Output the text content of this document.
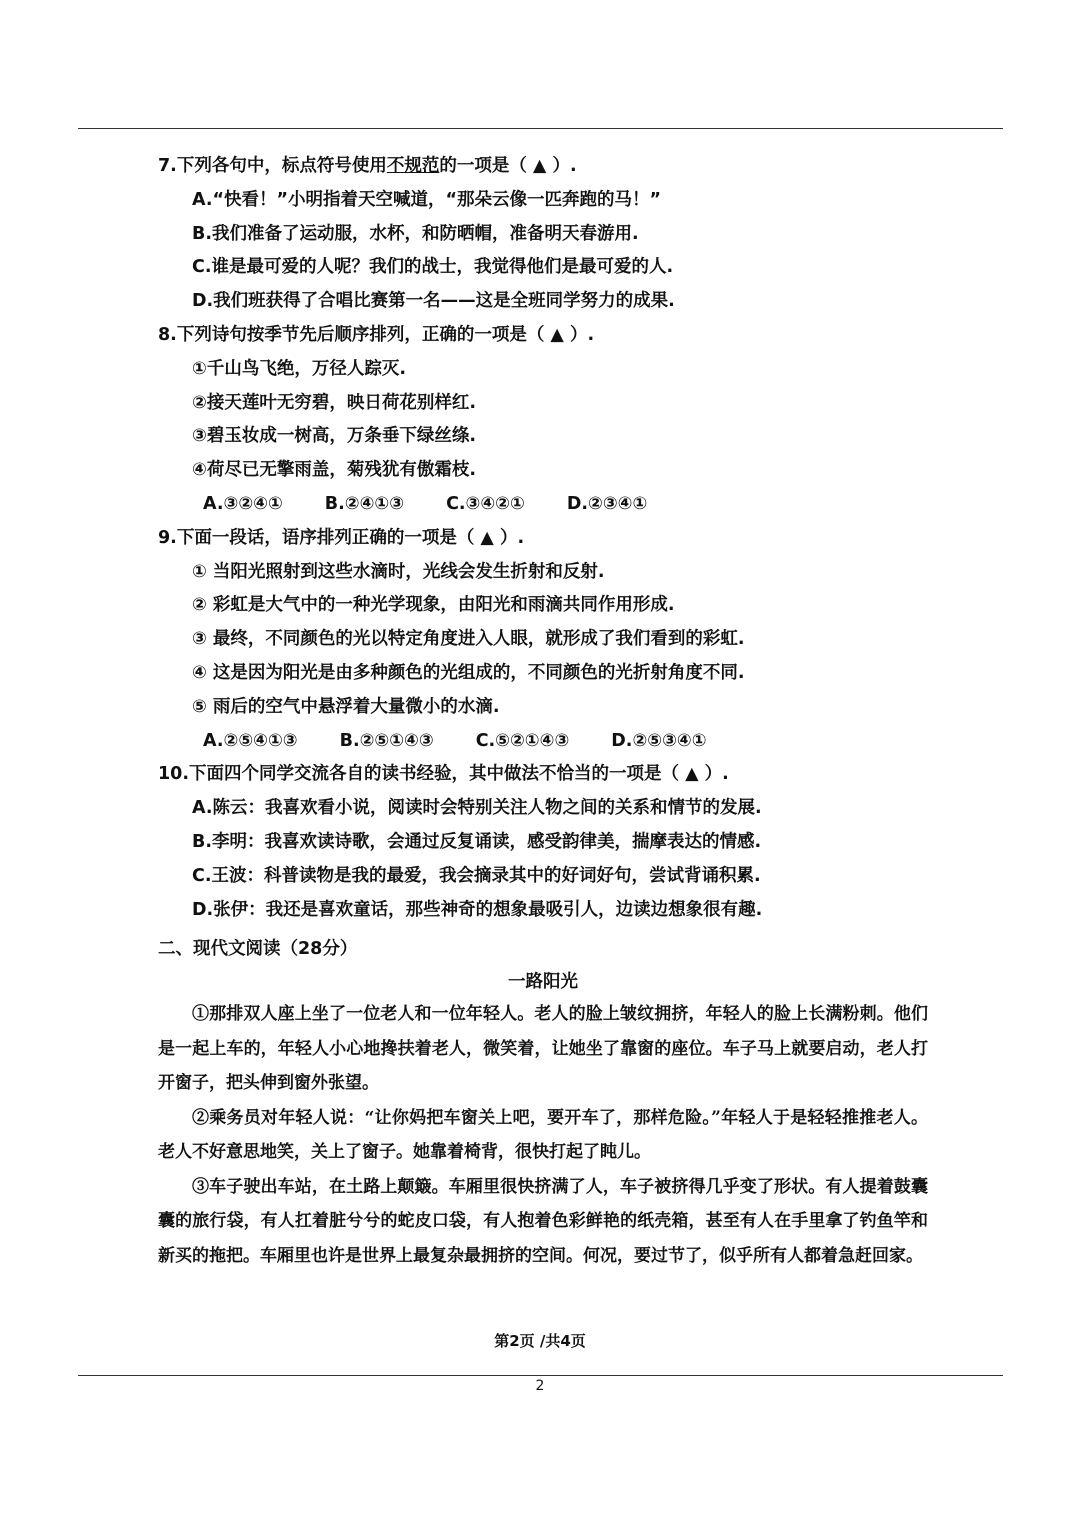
7.下列各句中，标点符号使用不规范的一项是（ ▲ ）.
A.“快看！”小明指着天空喊道，“那朵云像一匹奔跑的马！”
B.我们准备了运动服，水杯，和防晒帽，准备明天春游用.
C.谁是最可爱的人呢？我们的战士，我觉得他们是最可爱的人.
D.我们班获得了合唱比赛第一名——这是全班同学努力的成果.
8.下列诗句按季节先后顺序排列，正确的一项是（ ▲ ）.
①千山鸟飞绝，万径人踪灭.
②接天莲叶无穷碧，映日荷花别样红.
③碧玉妆成一树高，万条垂下绿丝绦.
④荷尽已无擎雨盖，菊残犹有傲霜枝.
A.③②④① B.②④①③ C.③④②① D.②③④①
9.下面一段话，语序排列正确的一项是（ ▲ ）.
① 当阳光照射到这些水滴时，光线会发生折射和反射.
② 彩虹是大气中的一种光学现象，由阳光和雨滴共同作用形成.
③ 最终，不同颜色的光以特定角度进入人眼，就形成了我们看到的彩虹.
④ 这是因为阳光是由多种颜色的光组成的，不同颜色的光折射角度不同.
⑤ 雨后的空气中悬浮着大量微小的水滴.
A.②⑤④①③ B.②⑤①④③ C.⑤②①④③ D.②⑤③④①
10.下面四个同学交流各自的读书经验，其中做法不恰当的一项是（ ▲ ）.
A.陈云：我喜欢看小说，阅读时会特别关注人物之间的关系和情节的发展.
B.李明：我喜欢读诗歌，会通过反复诵读，感受韵律美，揣摩表达的情感.
C.王波：科普读物是我的最爱，我会摘录其中的好词好句，尝试背诵积累.
D.张伊：我还是喜欢童话，那些神奇的想象最吸引人，边读边想象很有趣.
二、现代文阅读（28分）
一路阳光

①那排双人座上坐了一位老人和一位年轻人。老人的脸上皱纹拥挤，年轻人的脸上长满粉刺。他们是一起上车的，年轻人小心地搀扶着老人，微笑着，让她坐了靠窗的座位。车子马上就要启动，老人打开窗子，把头伸到窗外张望。

②乘务员对年轻人说：“让你妈把车窗关上吧，要开车了，那样危险。”年轻人于是轻轻推推老人。老人不好意思地笑，关上了窗子。她靠着椅背，很快打起了盹儿。

③车子驶出车站，在土路上颠簸。车厢里很快挤满了人，车子被挤得几乎变了形状。有人提着鼓囊囊的旅行袋，有人扛着脏兮兮的蛇皮口袋，有人抱着色彩鲜艳的纸壳箱，甚至有人在手里拿了钓鱼竿和新买的拖把。车厢里也许是世界上最复杂最拥挤的空间。何况，要过节了，似乎所有人都着急赶回家。

第2页 /共4页
2
